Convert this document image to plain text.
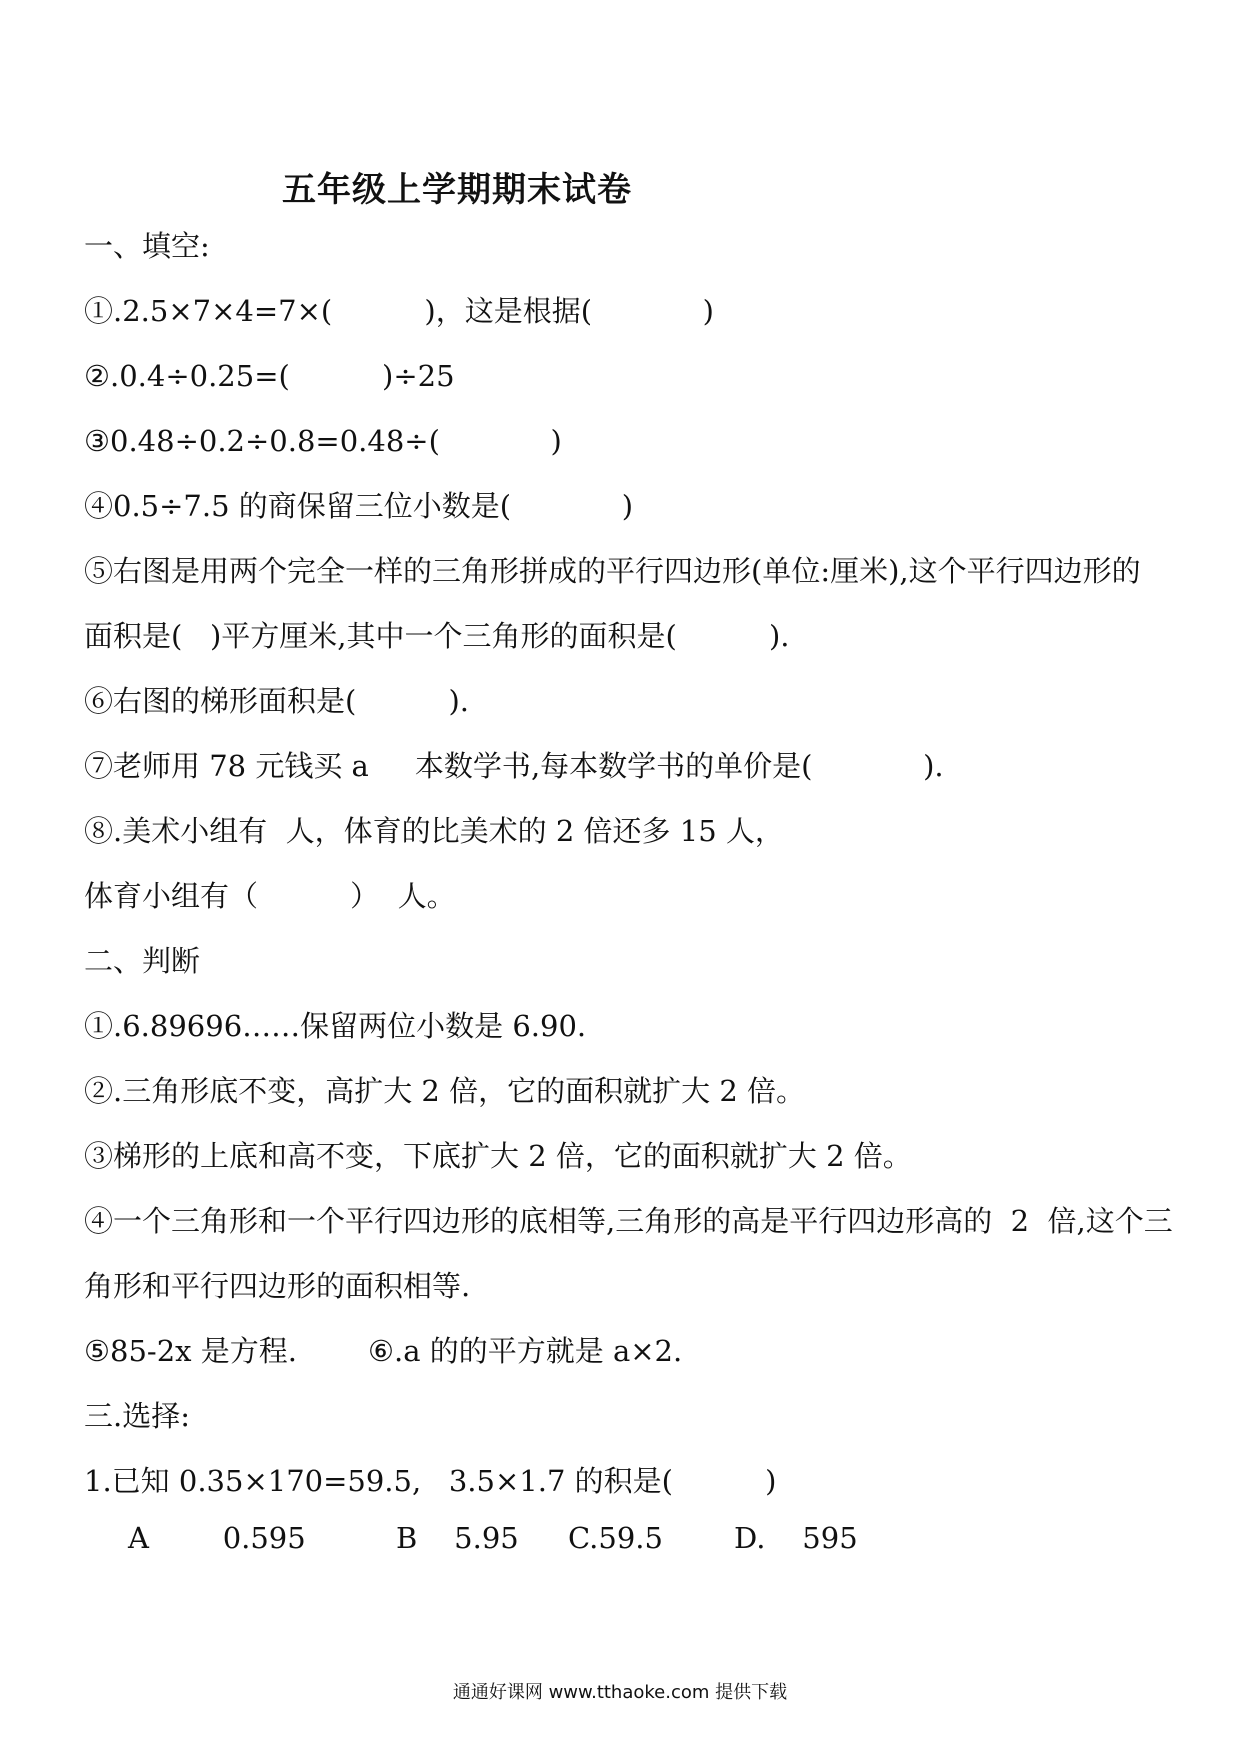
五年级上学期期末试卷
一、填空:
①.2.5×7×4=7×(          )，这是根据(            )
②.0.4÷0.25=(          )÷25
③0.48÷0.2÷0.8=0.48÷(            )
④0.5÷7.5 的商保留三位小数是(            )
⑤右图是用两个完全一样的三角形拼成的平行四边形(单位:厘米),这个平行四边形的
面积是(   )平方厘米,其中一个三角形的面积是(          ).
⑥右图的梯形面积是(          ).
⑦老师用 78 元钱买 a     本数学书,每本数学书的单价是(            ).
⑧.美术小组有  人，体育的比美术的 2 倍还多 15 人，
体育小组有（          ）  人。
二、判断
①.6.89696……保留两位小数是 6.90.
②.三角形底不变，高扩大 2 倍，它的面积就扩大 2 倍。
③梯形的上底和高不变，下底扩大 2 倍，它的面积就扩大 2 倍。
④一个三角形和一个平行四边形的底相等,三角形的高是平行四边形高的  2  倍,这个三
角形和平行四边形的面积相等.
⑤85-2x 是方程. ⑥.a 的的平方就是 a×2.
三.选择:
1.已知 0.35×170=59.5,   3.5×1.7 的积是(          )
A        0.595	B    5.95 C.59.5 D.    595
通通好课网 www.tthaoke.com 提供下载
